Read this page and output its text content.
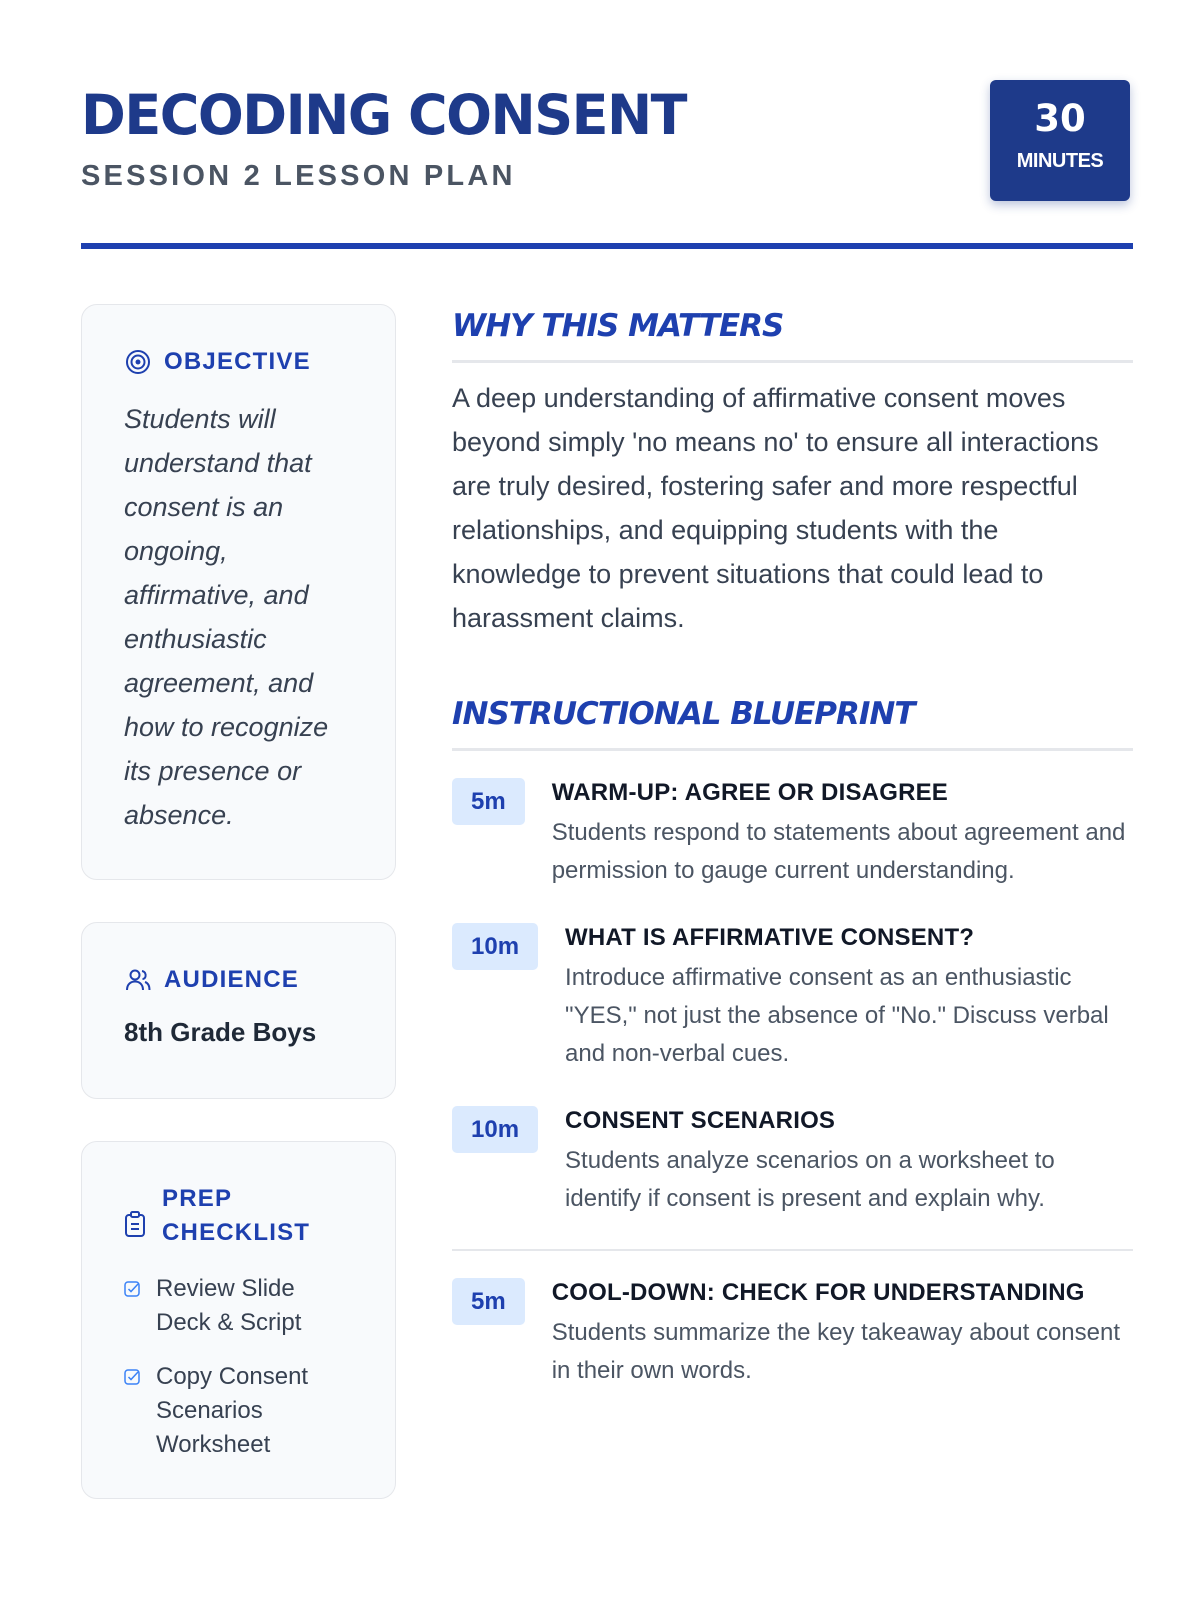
DECODING CONSENT
SESSION 2 LESSON PLAN
30
MINUTES
OBJECTIVE

Students will understand that consent is an ongoing, affirmative, and enthusiastic agreement, and how to recognize its presence or absence.

AUDIENCE
8th Grade Boys
PREP CHECKLIST
Review Slide Deck & Script
Copy Consent Scenarios Worksheet
WHY THIS MATTERS

A deep understanding of affirmative consent moves beyond simply 'no means no' to ensure all interactions are truly desired, fostering safer and more respectful relationships, and equipping students with the knowledge to prevent situations that could lead to harassment claims.

INSTRUCTIONAL BLUEPRINT
5m	WARM-UP: AGREE OR DISAGREE
Students respond to statements about agreement and permission to gauge current understanding.
10m	WHAT IS AFFIRMATIVE CONSENT?
Introduce affirmative consent as an enthusiastic "YES," not just the absence of "No." Discuss verbal and non-verbal cues.
10m	CONSENT SCENARIOS
Students analyze scenarios on a worksheet to identify if consent is present and explain why.
5m	COOL-DOWN: CHECK FOR UNDERSTANDING
Students summarize the key takeaway about consent in their own words.
